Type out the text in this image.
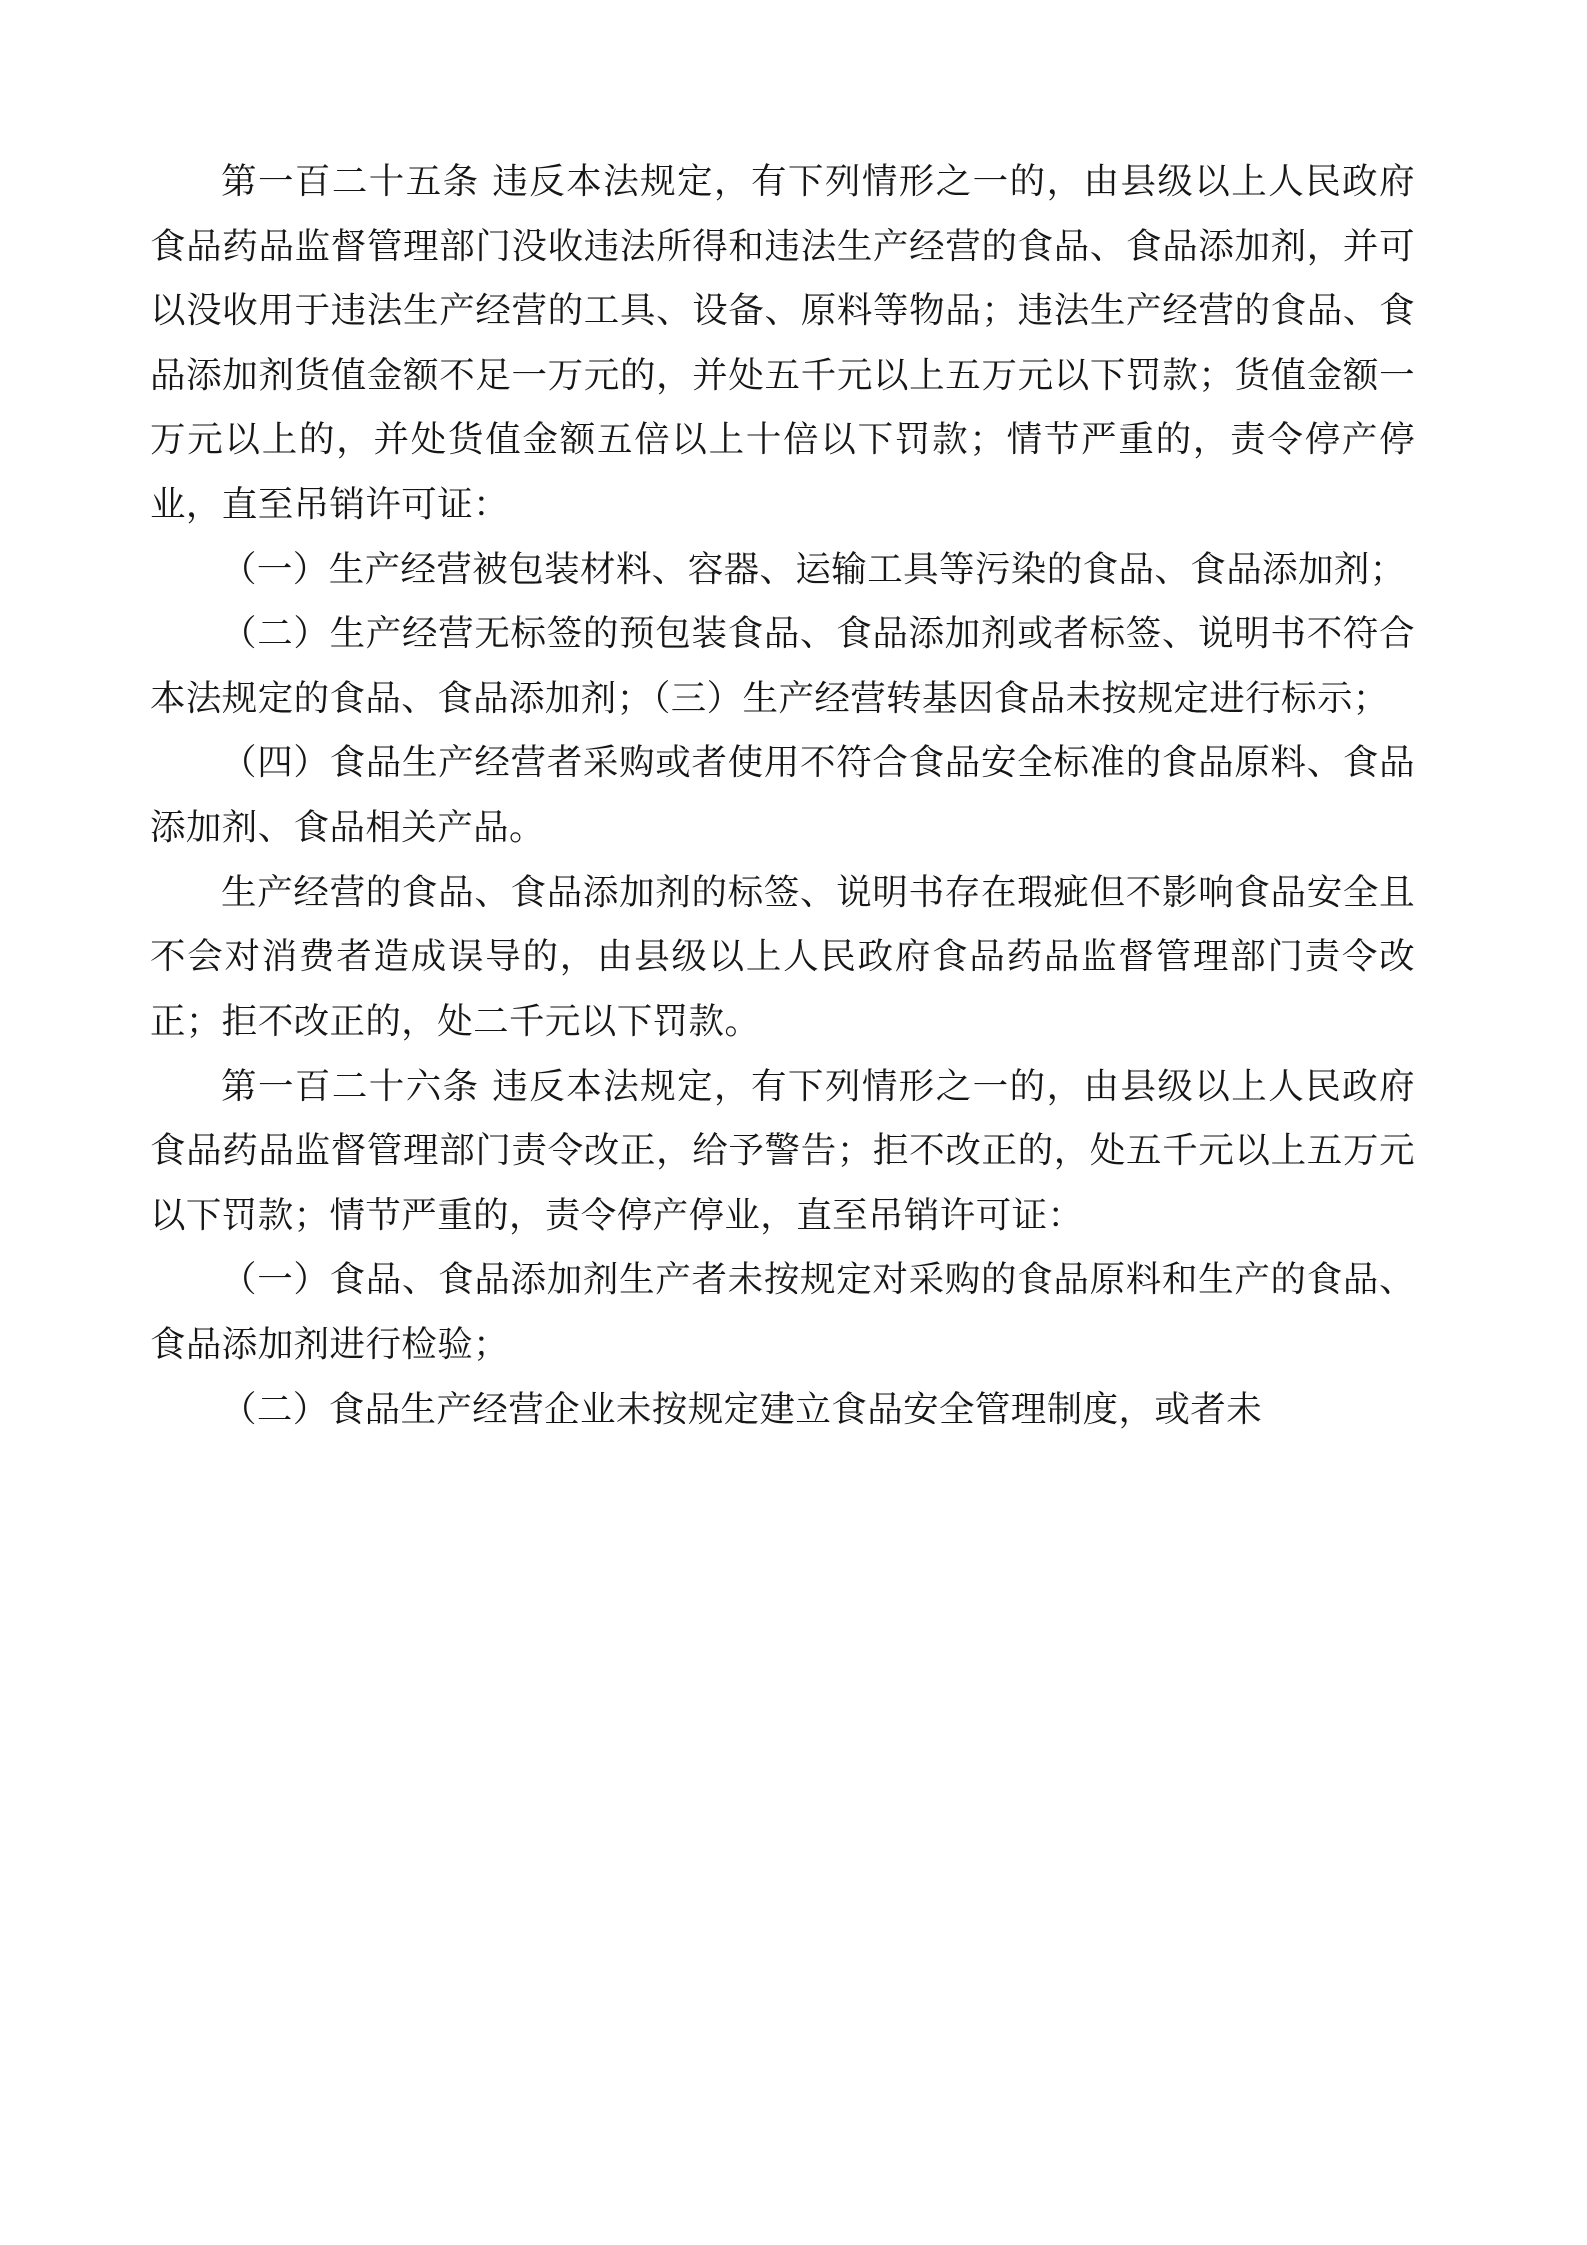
第一百二十五条 违反本法规定，有下列情形之一的，由县级以上人民政府食品药品监督管理部门没收违法所得和违法生产经营的食品、食品添加剂，并可以没收用于违法生产经营的工具、设备、原料等物品；违法生产经营的食品、食品添加剂货值金额不足一万元的，并处五千元以上五万元以下罚款；货值金额一万元以上的，并处货值金额五倍以上十倍以下罚款；情节严重的，责令停产停业，直至吊销许可证：

（一）生产经营被包装材料、容器、运输工具等污染的食品、食品添加剂；

（二）生产经营无标签的预包装食品、食品添加剂或者标签、说明书不符合本法规定的食品、食品添加剂；（三）生产经营转基因食品未按规定进行标示；

（四）食品生产经营者采购或者使用不符合食品安全标准的食品原料、食品添加剂、食品相关产品。

生产经营的食品、食品添加剂的标签、说明书存在瑕疵但不影响食品安全且不会对消费者造成误导的，由县级以上人民政府食品药品监督管理部门责令改正；拒不改正的，处二千元以下罚款。

第一百二十六条 违反本法规定，有下列情形之一的，由县级以上人民政府食品药品监督管理部门责令改正，给予警告；拒不改正的，处五千元以上五万元以下罚款；情节严重的，责令停产停业，直至吊销许可证：

（一）食品、食品添加剂生产者未按规定对采购的食品原料和生产的食品、食品添加剂进行检验；

（二）食品生产经营企业未按规定建立食品安全管理制度，或者未
